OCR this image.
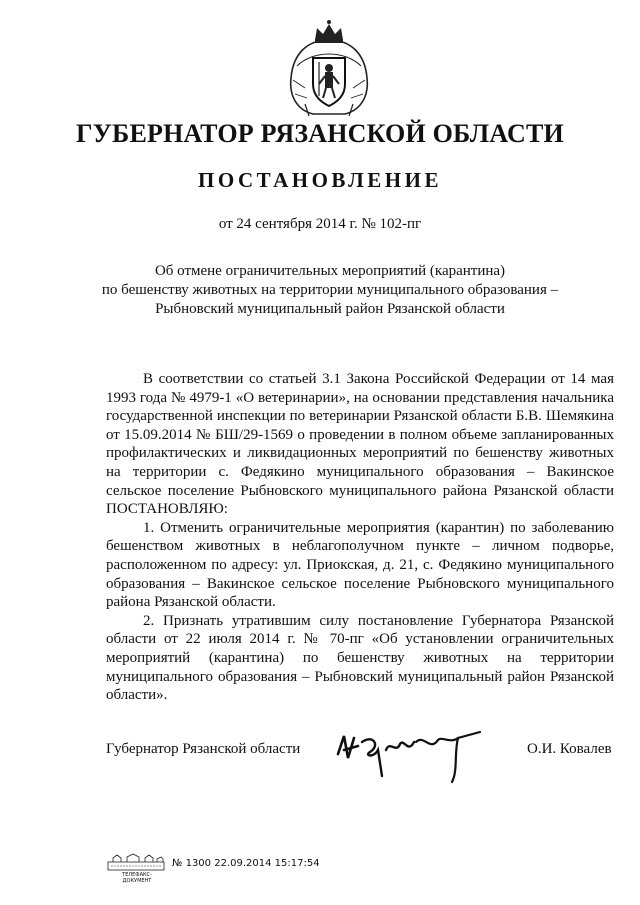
ГУБЕРНАТОР РЯЗАНСКОЙ ОБЛАСТИ
ПОСТАНОВЛЕНИЕ
от 24 сентября 2014 г. № 102-пг
Об отмене ограничительных мероприятий (карантина)
по бешенству животных на территории муниципального образования –
Рыбновский муниципальный район Рязанской области

В соответствии со статьей 3.1 Закона Российской Федерации от 14 мая 1993 года № 4979-1 «О ветеринарии», на основании представления начальника государственной инспекции по ветеринарии Рязанской области Б.В. Шемякина от 15.09.2014 № БШ/29-1569 о проведении в полном объеме запланированных профилактических и ликвидационных мероприятий по бешенству животных на территории с. Федякино муниципального образования – Вакинское сельское поселение Рыбновского муниципального района Рязанской области ПОСТАНОВЛЯЮ:

1. Отменить ограничительные мероприятия (карантин) по заболеванию бешенством животных в неблагополучном пункте – личном подворье, расположенном по адресу: ул. Приокская, д. 21, с. Федякино муниципального образования – Вакинское сельское поселение Рыбновского муниципального района Рязанской области.

2. Признать утратившим силу постановление Губернатора Рязанской области от 22 июля 2014 г. № 70-пг «Об установлении ограничительных мероприятий (карантина) по бешенству животных на территории муниципального образования – Рыбновский муниципальный район Рязанской области».

Губернатор Рязанской области	О.И. Ковалев
ТЕЛЕФАКС-ДОКУМЕНТ
№ 1300 22.09.2014 15:17:54
